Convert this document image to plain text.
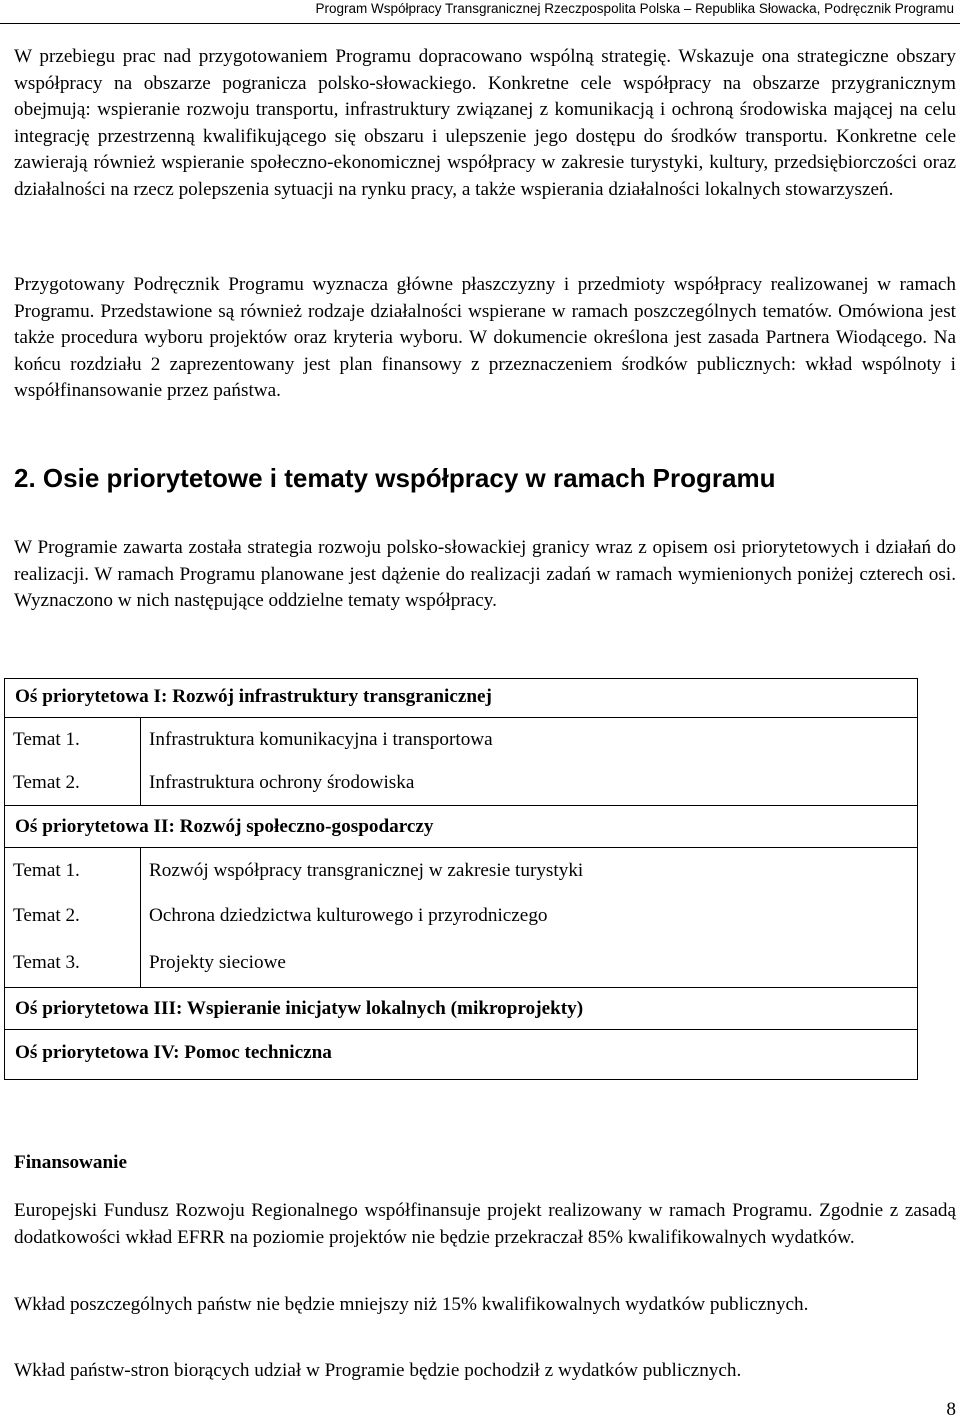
Program Współpracy Transgranicznej Rzeczpospolita Polska – Republika Słowacka, Podręcznik Programu

W przebiegu prac nad przygotowaniem Programu dopracowano wspólną strategię. Wskazuje ona strategiczne obszary współpracy na obszarze pogranicza polsko-słowackiego. Konkretne cele współpracy na obszarze przygranicznym obejmują: wspieranie rozwoju transportu, infrastruktury związanej z komunikacją i ochroną środowiska mającej na celu integrację przestrzenną kwalifikującego się obszaru i ulepszenie jego dostępu do środków transportu. Konkretne cele zawierają również wspieranie społeczno-ekonomicznej współpracy w zakresie turystyki, kultury, przedsiębiorczości oraz działalności na rzecz polepszenia sytuacji na rynku pracy, a także wspierania działalności lokalnych stowarzyszeń.

Przygotowany Podręcznik Programu wyznacza główne płaszczyzny i przedmioty współpracy realizowanej w ramach Programu. Przedstawione są również rodzaje działalności wspierane w ramach poszczególnych tematów. Omówiona jest także procedura wyboru projektów oraz kryteria wyboru. W dokumencie określona jest zasada Partnera Wiodącego. Na końcu rozdziału 2 zaprezentowany jest plan finansowy z przeznaczeniem środków publicznych: wkład wspólnoty i współfinansowanie przez państwa.

2. Osie priorytetowe i tematy współpracy w ramach Programu

W Programie zawarta została strategia rozwoju polsko-słowackiej granicy wraz z opisem osi priorytetowych i działań do realizacji. W ramach Programu planowane jest dążenie do realizacji zadań w ramach wymienionych poniżej czterech osi. Wyznaczono w nich następujące oddzielne tematy współpracy.

Oś priorytetowa I: Rozwój infrastruktury transgranicznej
Temat 1.	Infrastruktura komunikacyjna i transportowa
Temat 2.	Infrastruktura ochrony środowiska
Oś priorytetowa II: Rozwój społeczno-gospodarczy
Temat 1.	Rozwój współpracy transgranicznej w zakresie turystyki
Temat 2.	Ochrona dziedzictwa kulturowego i przyrodniczego
Temat 3.	Projekty sieciowe
Oś priorytetowa III: Wspieranie inicjatyw lokalnych (mikroprojekty)
Oś priorytetowa IV: Pomoc techniczna
Finansowanie

Europejski Fundusz Rozwoju Regionalnego współfinansuje projekt realizowany w ramach Programu. Zgodnie z zasadą dodatkowości wkład EFRR na poziomie projektów nie będzie przekraczał 85% kwalifikowalnych wydatków.

Wkład poszczególnych państw nie będzie mniejszy niż 15% kwalifikowalnych wydatków publicznych.

Wkład państw-stron biorących udział w Programie będzie pochodził z wydatków publicznych.

8
